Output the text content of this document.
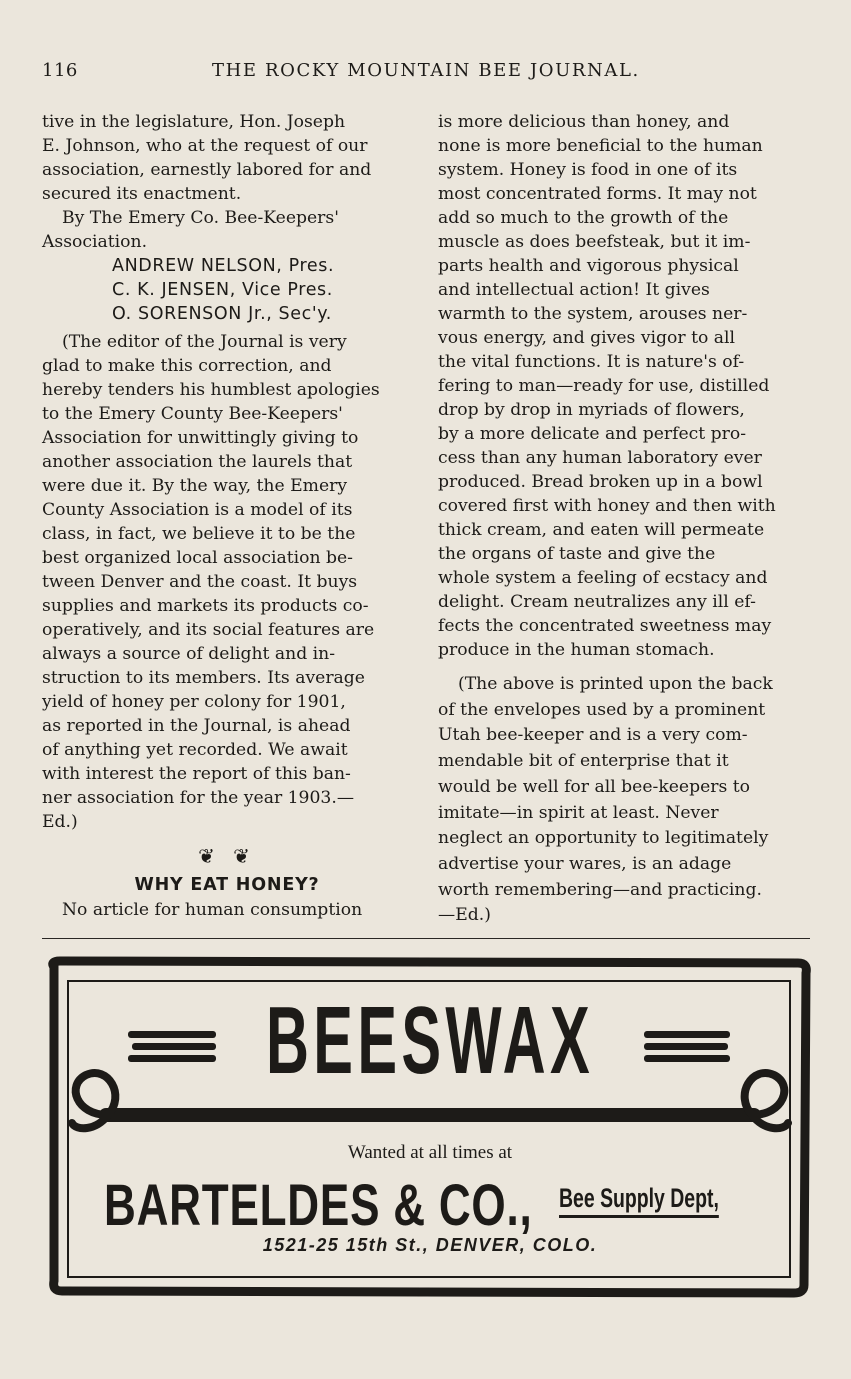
116	THE ROCKY MOUNTAIN BEE JOURNAL.

tive in the legislature, Hon. Joseph

E. Johnson, who at the request of our

association, earnestly labored for and

secured its enactment.

By The Emery Co. Bee-Keepers'

Association.

ANDREW NELSON, Pres.

C. K. JENSEN, Vice Pres.

O. SORENSON Jr., Sec'y.

(The editor of the Journal is very

glad to make this correction, and

hereby tenders his humblest apologies

to the Emery County Bee-Keepers'

Association for unwittingly giving to

another association the laurels that

were due it. By the way, the Emery

County Association is a model of its

class, in fact, we believe it to be the

best organized local association be-

tween Denver and the coast. It buys

supplies and markets its products co-

operatively, and its social features are

always a source of delight and in-

struction to its members. Its average

yield of honey per colony for 1901,

as reported in the Journal, is ahead

of anything yet recorded. We await

with interest the report of this ban-

ner association for the year 1903.—

Ed.)

❦ ❦

WHY EAT HONEY?

No article for human consumption

is more delicious than honey, and

none is more beneficial to the human

system. Honey is food in one of its

most concentrated forms. It may not

add so much to the growth of the

muscle as does beefsteak, but it im-

parts health and vigorous physical

and intellectual action! It gives

warmth to the system, arouses ner-

vous energy, and gives vigor to all

the vital functions. It is nature's of-

fering to man—ready for use, distilled

drop by drop in myriads of flowers,

by a more delicate and perfect pro-

cess than any human laboratory ever

produced. Bread broken up in a bowl

covered first with honey and then with

thick cream, and eaten will permeate

the organs of taste and give the

whole system a feeling of ecstacy and

delight. Cream neutralizes any ill ef-

fects the concentrated sweetness may

produce in the human stomach.

(The above is printed upon the back

of the envelopes used by a prominent

Utah bee-keeper and is a very com-

mendable bit of enterprise that it

would be well for all bee-keepers to

imitate—in spirit at least. Never

neglect an opportunity to legitimately

advertise your wares, is an adage

worth remembering—and practicing.

—Ed.)

BEESWAX
Wanted at all times at
BARTELDES & CO., Bee Supply Dept,
1521-25 15th St., DENVER, COLO.
